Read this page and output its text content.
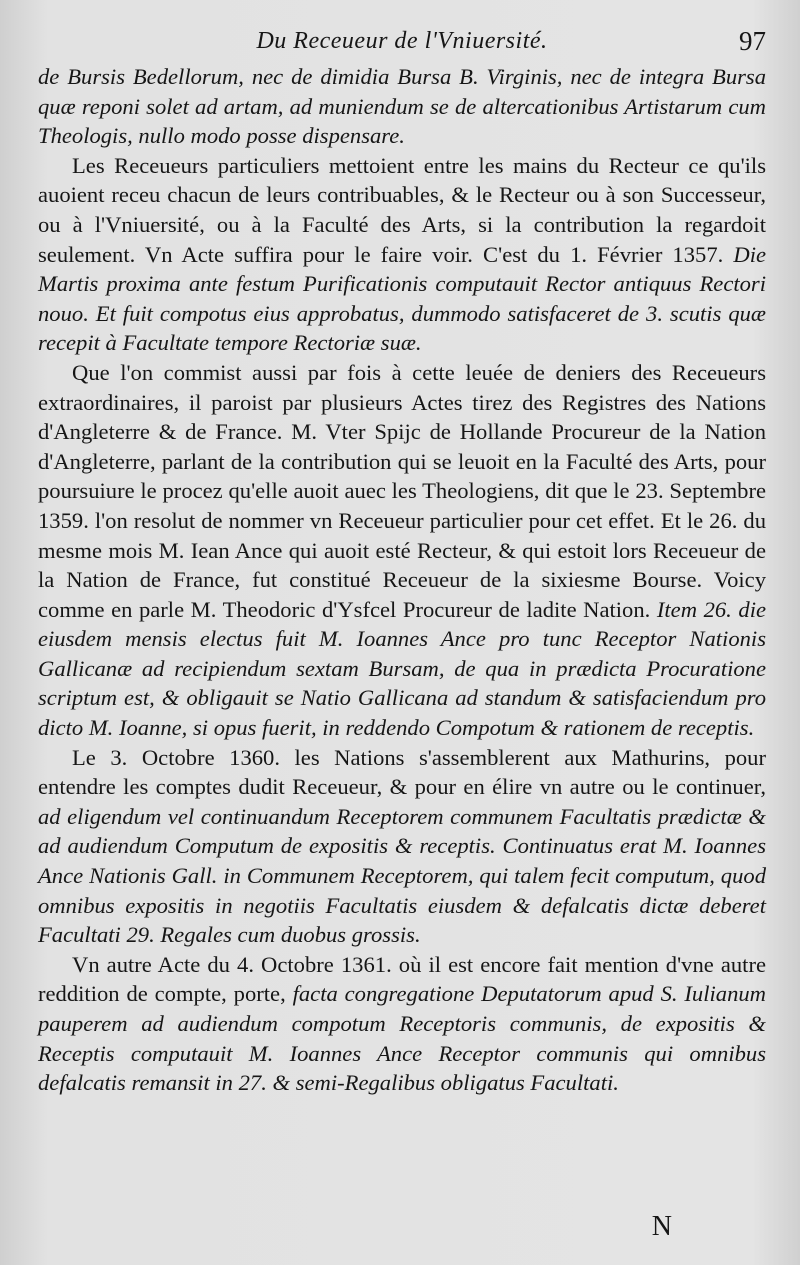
Du Receueur de l'Vniuersité.	97

de Bursis Bedellorum, nec de dimidia Bursa B. Virginis, nec de integra Bursa quæ reponi solet ad artam, ad muniendum se de altercationibus Artistarum cum Theologis, nullo modo posse dispensare.

Les Receueurs particuliers mettoient entre les mains du Recteur ce qu'ils auoient receu chacun de leurs contribuables, & le Recteur ou à son Successeur, ou à l'Vniuersité, ou à la Faculté des Arts, si la contribution la regardoit seulement. Vn Acte suffira pour le faire voir. C'est du 1. Février 1357. Die Martis proxima ante festum Purificationis computauit Rector antiquus Rectori nouo. Et fuit compotus eius approbatus, dummodo satisfaceret de 3. scutis quæ recepit à Facultate tempore Rectoriæ suæ.

Que l'on commist aussi par fois à cette leuée de deniers des Receueurs extraordinaires, il paroist par plusieurs Actes tirez des Registres des Nations d'Angleterre & de France. M. Vter Spijc de Hollande Procureur de la Nation d'Angleterre, parlant de la contribution qui se leuoit en la Faculté des Arts, pour poursuiure le procez qu'elle auoit auec les Theologiens, dit que le 23. Septembre 1359. l'on resolut de nommer vn Receueur particulier pour cet effet. Et le 26. du mesme mois M. Iean Ance qui auoit esté Recteur, & qui estoit lors Receueur de la Nation de France, fut constitué Receueur de la sixiesme Bourse. Voicy comme en parle M. Theodoric d'Ysfcel Procureur de ladite Nation. Item 26. die eiusdem mensis electus fuit M. Ioannes Ance pro tunc Receptor Nationis Gallicanæ ad recipiendum sextam Bursam, de qua in prædicta Procuratione scriptum est, & obligauit se Natio Gallicana ad standum & satisfaciendum pro dicto M. Ioanne, si opus fuerit, in reddendo Compotum & rationem de receptis.

Le 3. Octobre 1360. les Nations s'assemblerent aux Mathurins, pour entendre les comptes dudit Receueur, & pour en élire vn autre ou le continuer, ad eligendum vel continuandum Receptorem communem Facultatis prædictæ & ad audiendum Computum de expositis & receptis. Continuatus erat M. Ioannes Ance Nationis Gall. in Communem Receptorem, qui talem fecit computum, quod omnibus expositis in negotiis Facultatis eiusdem & defalcatis dictæ deberet Facultati 29. Regales cum duobus grossis.

Vn autre Acte du 4. Octobre 1361. où il est encore fait mention d'vne autre reddition de compte, porte, facta congregatione Deputatorum apud S. Iulianum pauperem ad audiendum compotum Receptoris communis, de expositis & Receptis computauit M. Ioannes Ance Receptor communis qui omnibus defalcatis remansit in 27. & semi-Regalibus obligatus Facultati.

N
